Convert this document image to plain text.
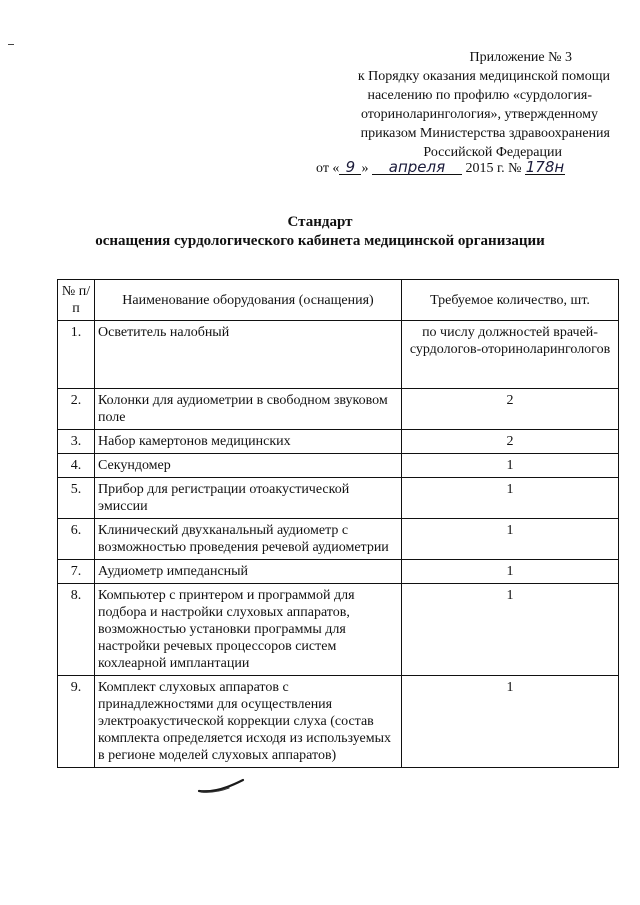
Приложение № 3
к Порядку оказания медицинской помощи
населению по профилю «сурдология-
оториноларингология», утвержденному
приказом Министерства здравоохранения
Российской Федерации
от « 9 » апреля 2015 г. № 178н
Стандарт
оснащения сурдологического кабинета медицинской организации
№ п/п	Наименование оборудования (оснащения)	Требуемое количество, шт.
1.	Осветитель налобный	по числу должностей врачей-сурдологов-оториноларингологов
2.	Колонки для аудиометрии в свободном звуковом поле	2
3.	Набор камертонов медицинских	2
4.	Секундомер	1
5.	Прибор для регистрации отоакустической эмиссии	1
6.	Клинический двухканальный аудиометр с возможностью проведения речевой аудиометрии	1
7.	Аудиометр импедансный	1
8.	Компьютер с принтером и программой для подбора и настройки слуховых аппаратов, возможностью установки программы для настройки речевых процессоров систем кохлеарной имплантации	1
9.	Комплект слуховых аппаратов с принадлежностями для осуществления электроакустической коррекции слуха (состав комплекта определяется исходя из используемых в регионе моделей слуховых аппаратов)	1
